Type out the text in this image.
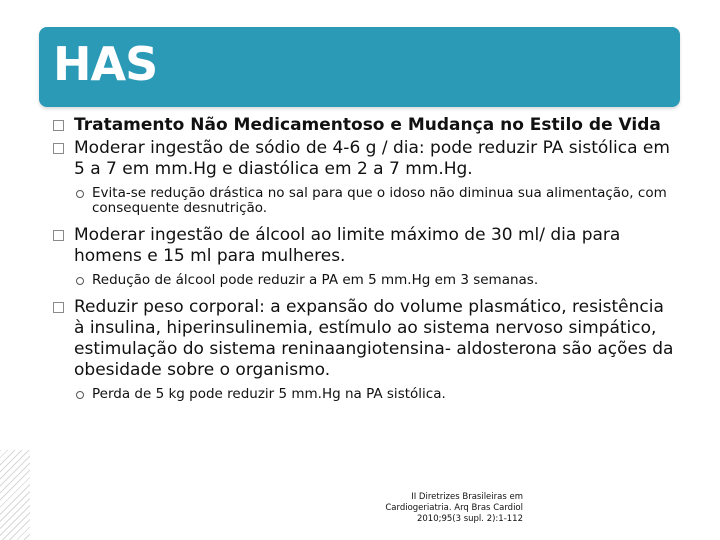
HAS
Tratamento Não Medicamentoso e Mudança no Estilo de Vida
Moderar ingestão de sódio de 4-6 g / dia: pode reduzir PA sistólica em 5 a 7 em mm.Hg e diastólica em 2 a 7 mm.Hg.
Evita-se redução drástica no sal para que o idoso não diminua sua alimentação, com consequente desnutrição.
Moderar ingestão de álcool ao limite máximo de 30 ml/ dia para homens e 15 ml para mulheres.
Redução de álcool pode reduzir a PA em 5 mm.Hg em 3 semanas.
Reduzir peso corporal: a expansão do volume plasmático, resistência à insulina, hiperinsulinemia, estímulo ao sistema nervoso simpático, estimulação do sistema reninaangiotensina- aldosterona são ações da obesidade sobre o organismo.
Perda de 5 kg pode reduzir 5 mm.Hg na PA sistólica.
II Diretrizes Brasileiras em
Cardiogeriatria. Arq Bras Cardiol
2010;95(3 supl. 2):1-112
